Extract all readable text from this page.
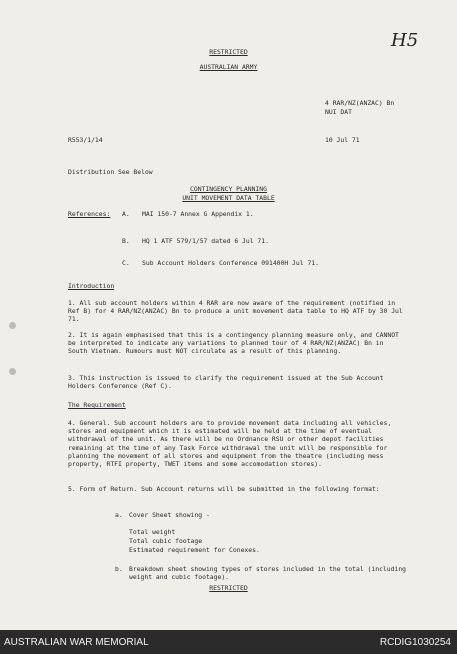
H5
RESTRICTED
AUSTRALIAN ARMY
4 RAR/NZ(ANZAC) Bn
NUI DAT
R553/1/14	10 Jul 71
Distribution See Below
CONTINGENCY PLANNING
UNIT MOVEMENT DATA TABLE
References: A. MAI 150-7 Annex G Appendix 1.
B. HQ 1 ATF 579/1/57 dated 6 Jul 71.
C. Sub Account Holders Conference 091400H Jul 71.
Introduction
1. All sub account holders within 4 RAR are now aware of the requirement (notified in Ref B) for 4 RAR/NZ(ANZAC) Bn to produce a unit movement data table to HQ ATF by 30 Jul 71.
2. It is again emphasised that this is a contingency planning measure only, and CANNOT be interpreted to indicate any variations to planned tour of 4 RAR/NZ(ANZAC) Bn in South Vietnam. Rumours must NOT circulate as a result of this planning.
3. This instruction is issued to clarify the requirement issued at the Sub Account Holders Conference (Ref C).
The Requirement
4. General. Sub account holders are to provide movement data including all vehicles, stores and equipment which it is estimated will be held at the time of eventual withdrawal of the unit. As there will be no Ordnance RSU or other depot facilities remaining at the time of any Task Force withdrawal the unit will be responsible for planning the movement of all stores and equipment from the theatre (including mess property, RTFI property, TWET items and some accomodation stores).
5. Form of Return. Sub Account returns will be submitted in the following format:
a. Cover Sheet showing -
Total weight
Total cubic footage
Estimated requirement for Conexes.
b. Breakdown sheet showing types of stores included in the total (including weight and cubic footage).
RESTRICTED
AUSTRALIAN WAR MEMORIAL	RCDIG1030254
